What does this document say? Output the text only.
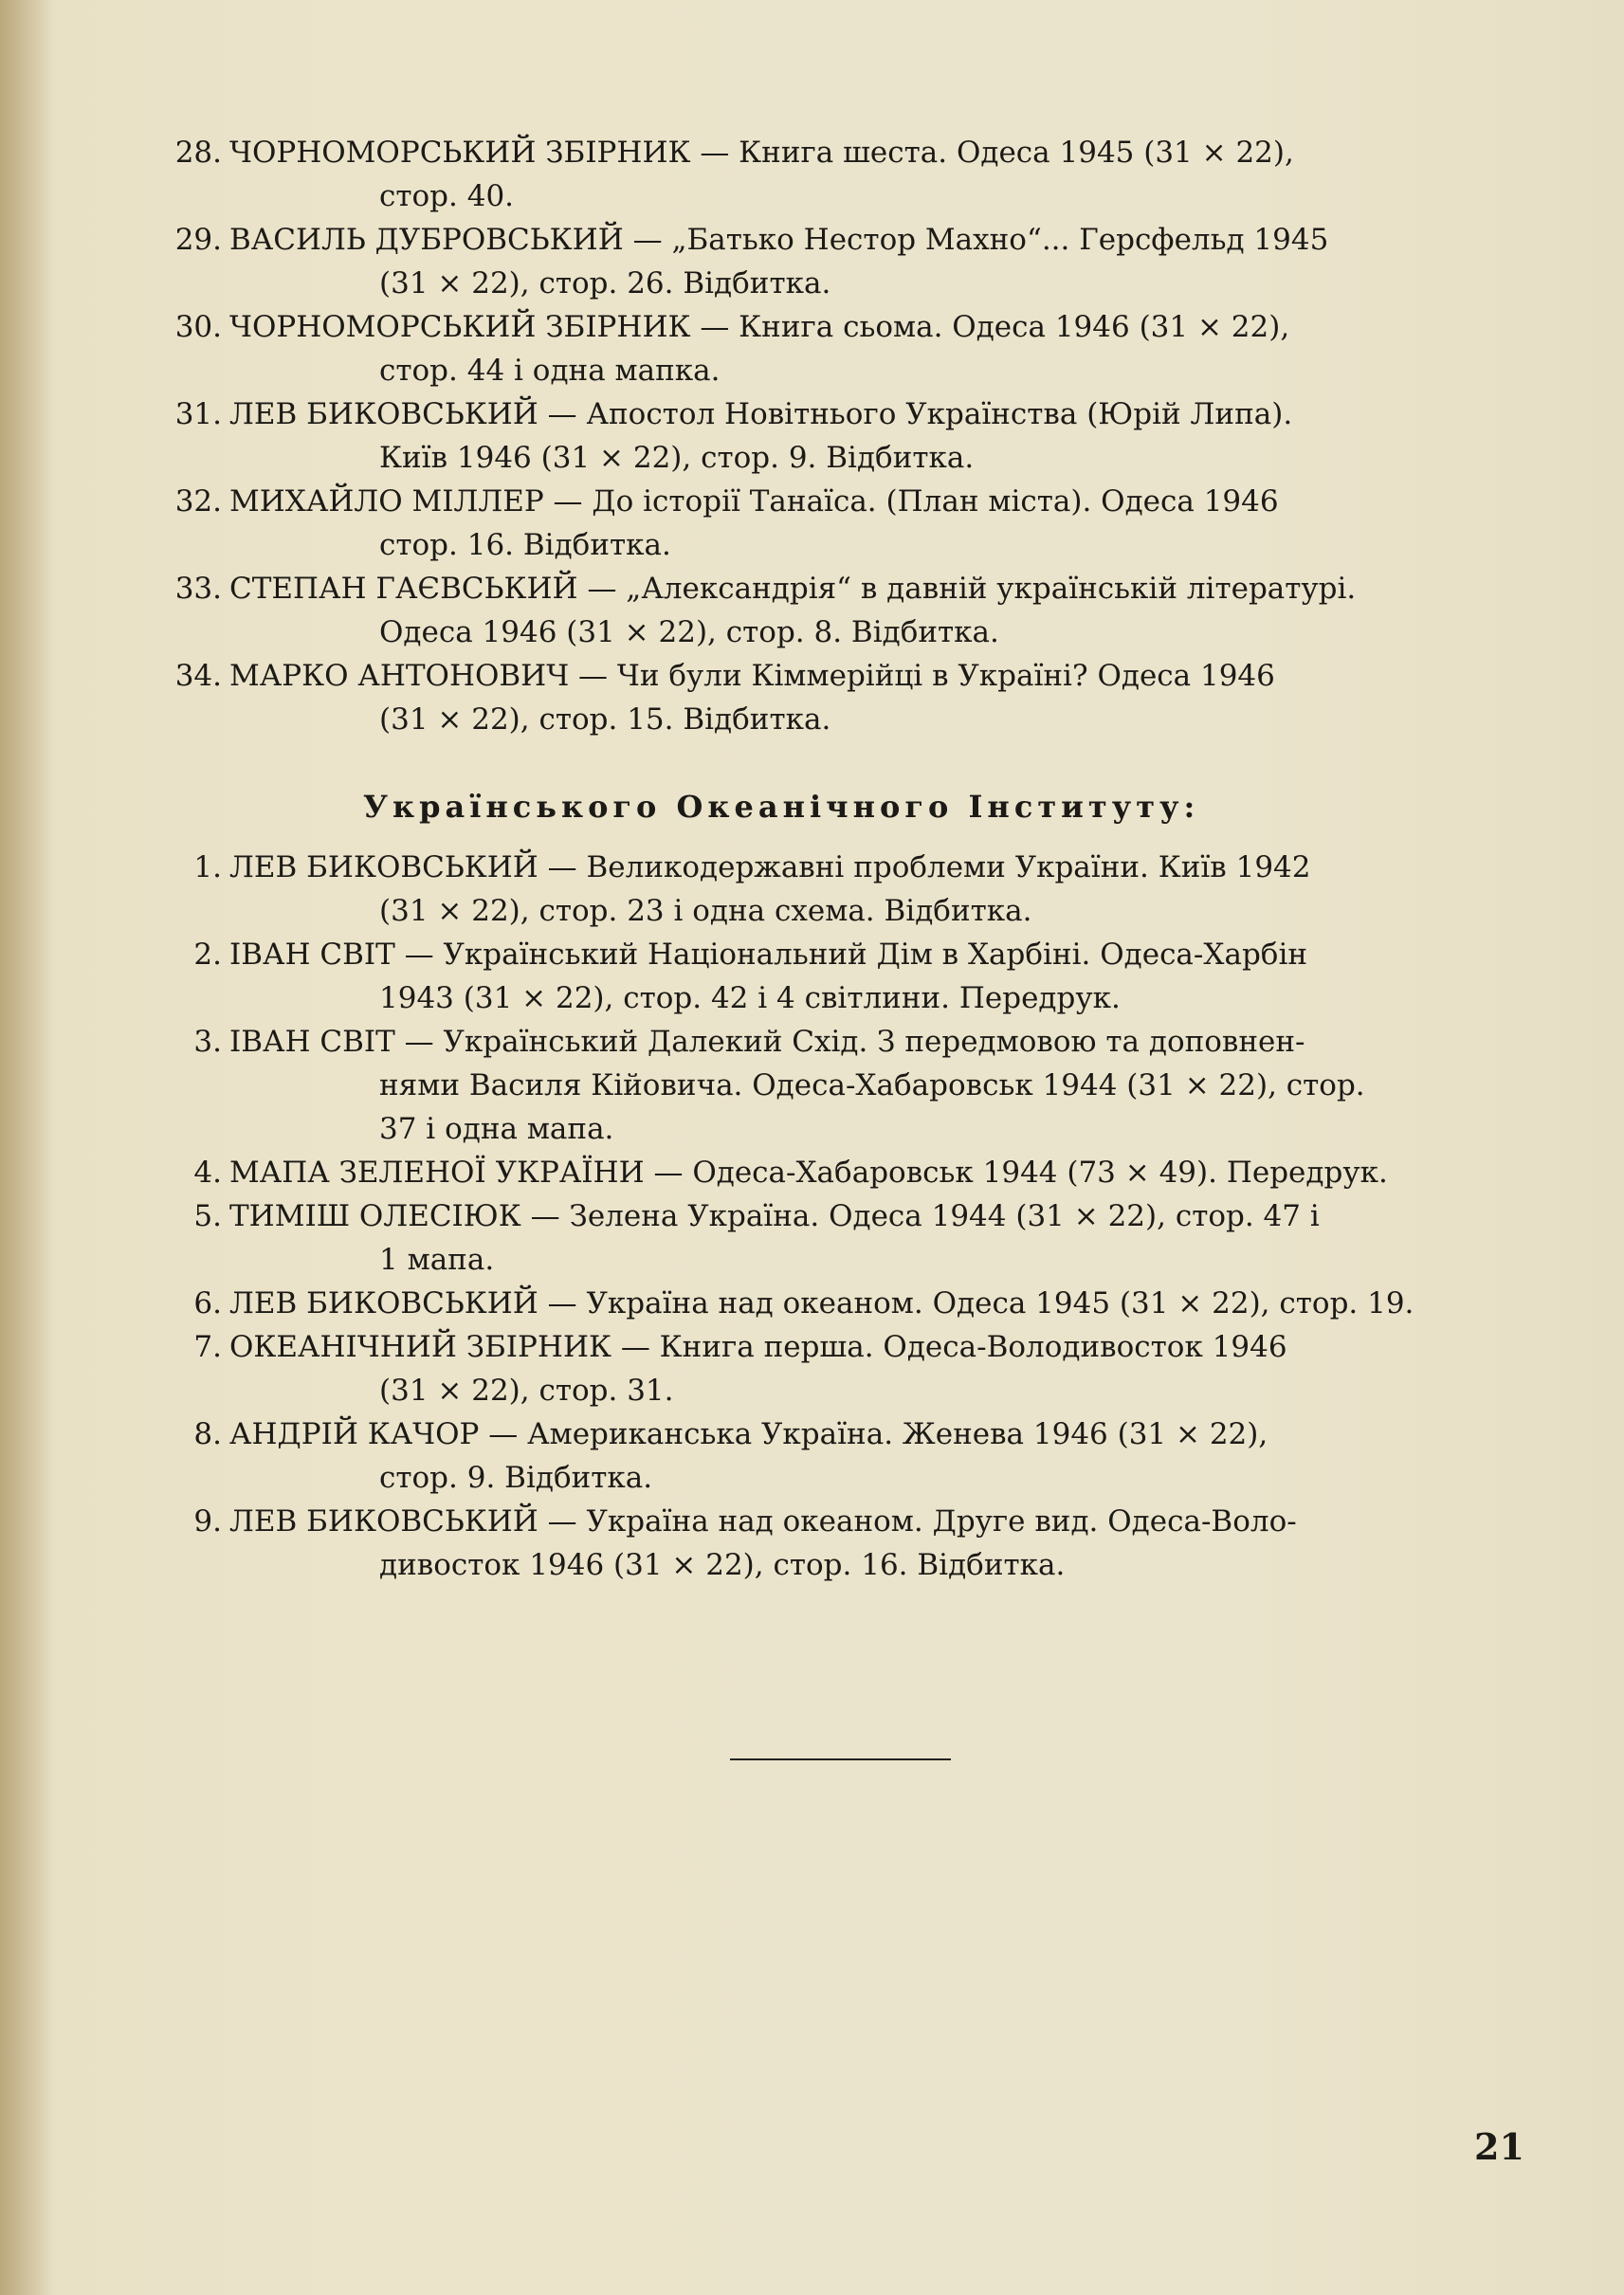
28. ЧОРНОМОРСЬКИЙ ЗБІРНИК — Книга шеста. Одеса 1945 (31 × 22),
стор. 40.
29. ВАСИЛЬ ДУБРОВСЬКИЙ — „Батько Нестор Махно“... Герсфельд 1945
(31 × 22), стор. 26. Відбитка.
30. ЧОРНОМОРСЬКИЙ ЗБІРНИК — Книга сьома. Одеса 1946 (31 × 22),
стор. 44 і одна мапка.
31. ЛЕВ БИКОВСЬКИЙ — Апостол Новітнього Українства (Юрій Липа).
Київ 1946 (31 × 22), стор. 9. Відбитка.
32. МИХАЙЛО МІЛЛЕР — До історії Танаїса. (План міста). Одеса 1946
стор. 16. Відбитка.
33. СТЕПАН ГАЄВСЬКИЙ — „Александрія“ в давній українській літературі.
Одеса 1946 (31 × 22), стор. 8. Відбитка.
34. МАРКО АНТОНОВИЧ — Чи були Кіммерійці в Україні? Одеса 1946
(31 × 22), стор. 15. Відбитка.
Українського Океанічного Інституту:
1. ЛЕВ БИКОВСЬКИЙ — Великодержавні проблеми України. Київ 1942
(31 × 22), стор. 23 і одна схема. Відбитка.
2. ІВАН СВІТ — Український Національний Дім в Харбіні. Одеса-Харбін
1943 (31 × 22), стор. 42 і 4 світлини. Передрук.
3. ІВАН СВІТ — Український Далекий Схід. З передмовою та доповнен-
нями Василя Кійовича. Одеса-Хабаровськ 1944 (31 × 22), стор.
37 і одна мапа.
4. МАПА ЗЕЛЕНОЇ УКРАЇНИ — Одеса-Хабаровськ 1944 (73 × 49). Передрук.
5. ТИМІШ ОЛЕСІЮК — Зелена Україна. Одеса 1944 (31 × 22), стор. 47 і
1 мапа.
6. ЛЕВ БИКОВСЬКИЙ — Україна над океаном. Одеса 1945 (31 × 22), стор. 19.
7. ОКЕАНІЧНИЙ ЗБІРНИК — Книга перша. Одеса-Володивосток 1946
(31 × 22), стор. 31.
8. АНДРІЙ КАЧОР — Американська Україна. Женева 1946 (31 × 22),
стор. 9. Відбитка.
9. ЛЕВ БИКОВСЬКИЙ — Україна над океаном. Друге вид. Одеса-Воло-
дивосток 1946 (31 × 22), стор. 16. Відбитка.
21
